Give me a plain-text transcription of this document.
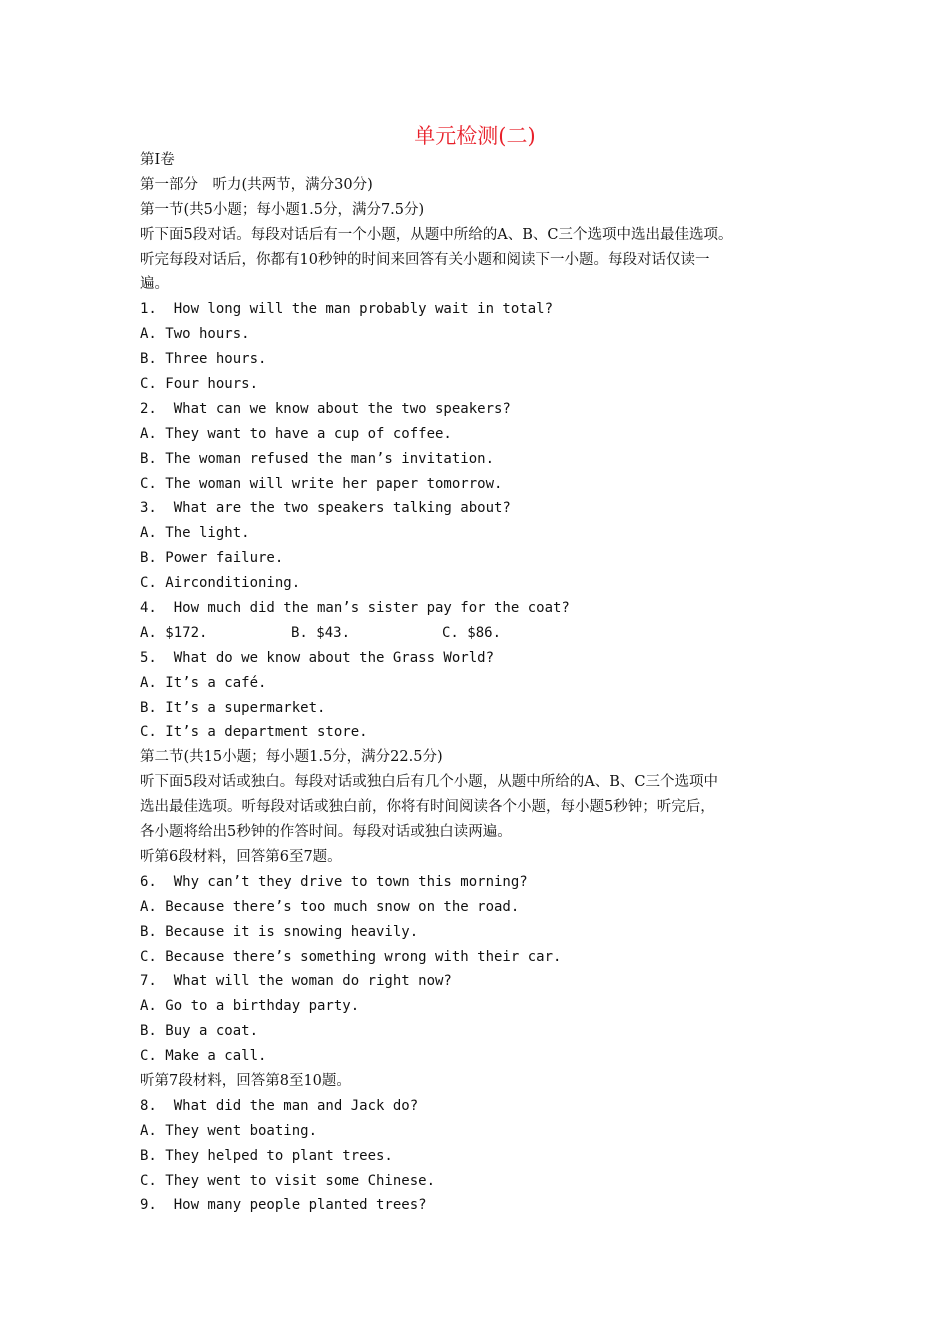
单元检测(二)
第Ⅰ卷
第一部分　听力(共两节，满分30分)
第一节(共5小题；每小题1.5分，满分7.5分)
听下面5段对话。每段对话后有一个小题，从题中所给的A、B、C三个选项中选出最佳选项。
听完每段对话后，你都有10秒钟的时间来回答有关小题和阅读下一小题。每段对话仅读一
遍。
1.  How long will the man probably wait in total?
A. Two hours.
B. Three hours.
C. Four hours.
2.  What can we know about the two speakers?
A. They want to have a cup of coffee.
B. The woman refused the man’s invitation.
C. The woman will write her paper tomorrow.
3.  What are the two speakers talking about?
A. The light.
B. Power failure.
C. Airconditioning.
4.  How much did the man’s sister pay for the coat?
A. $172.	B. $43.	C. $86.
5.  What do we know about the Grass World?
A. It’s a café.
B. It’s a supermarket.
C. It’s a department store.
第二节(共15小题；每小题1.5分，满分22.5分)
听下面5段对话或独白。每段对话或独白后有几个小题，从题中所给的A、B、C三个选项中
选出最佳选项。听每段对话或独白前，你将有时间阅读各个小题，每小题5秒钟；听完后，
各小题将给出5秒钟的作答时间。每段对话或独白读两遍。
听第6段材料，回答第6至7题。
6.  Why can’t they drive to town this morning?
A. Because there’s too much snow on the road.
B. Because it is snowing heavily.
C. Because there’s something wrong with their car.
7.  What will the woman do right now?
A. Go to a birthday party.
B. Buy a coat.
C. Make a call.
听第7段材料，回答第8至10题。
8.  What did the man and Jack do?
A. They went boating.
B. They helped to plant trees.
C. They went to visit some Chinese.
9.  How many people planted trees?
